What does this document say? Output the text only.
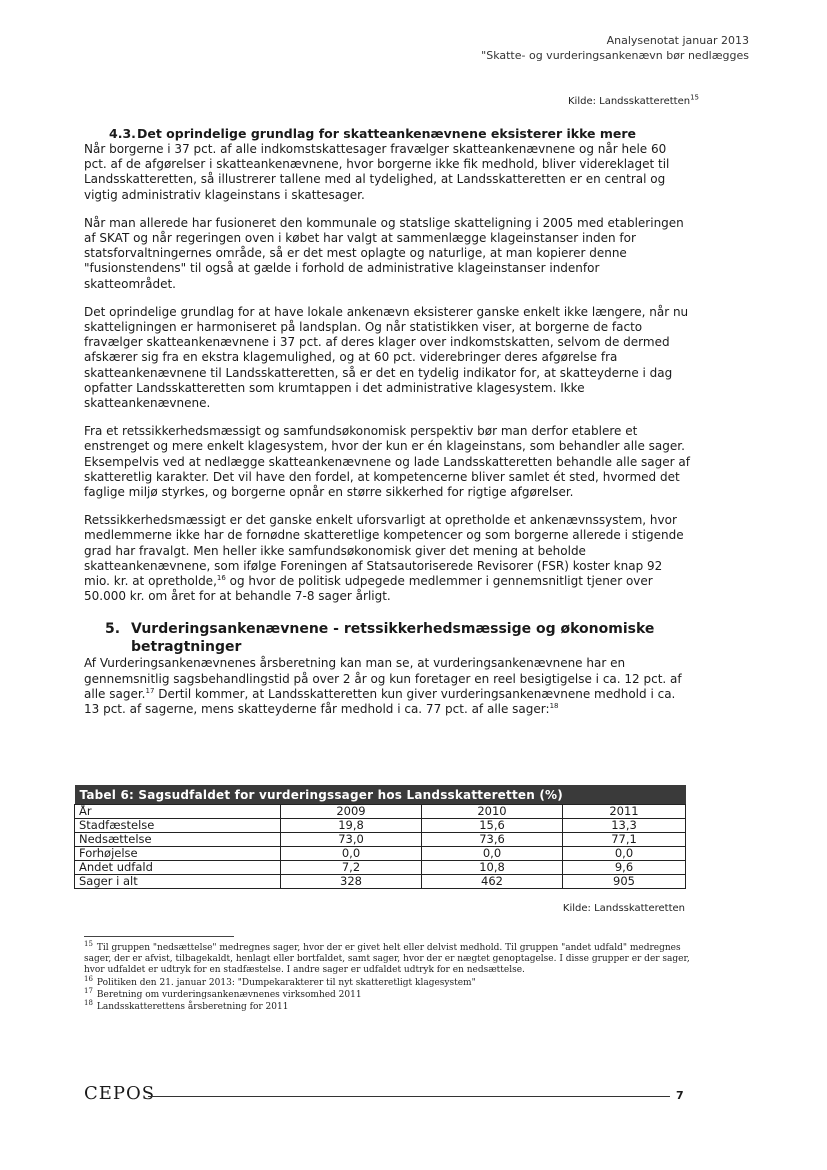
Analysenotat januar 2013
"Skatte- og vurderingsankenævn bør nedlægges
Kilde: Landsskatteretten$^{15}$
4.3.Det oprindelige grundlag for skatteankenævnene eksisterer ikke mere

Når borgerne i 37 pct. af alle indkomstskattesager fravælger skatteankenævnene og når hele 60 pct. af de afgørelser i skatteankenævnene, hvor borgerne ikke fik medhold, bliver videreklaget til Landsskatteretten, så illustrerer tallene med al tydelighed, at Landsskatteretten er en central og vigtig administrativ klageinstans i skattesager.

Når man allerede har fusioneret den kommunale og statslige skatteligning i 2005 med etableringen af SKAT og når regeringen oven i købet har valgt at sammenlægge klageinstanser inden for statsforvaltningernes område, så er det mest oplagte og naturlige, at man kopierer denne "fusionstendens" til også at gælde i forhold de administrative klageinstanser indenfor skatteområdet.

Det oprindelige grundlag for at have lokale ankenævn eksisterer ganske enkelt ikke længere, når nu skatteligningen er harmoniseret på landsplan. Og når statistikken viser, at borgerne de facto fravælger skatteankenævnene i 37 pct. af deres klager over indkomstskatten, selvom de dermed afskærer sig fra en ekstra klagemulighed, og at 60 pct. viderebringer deres afgørelse fra skatteankenævnene til Landsskatteretten, så er det en tydelig indikator for, at skatteyderne i dag opfatter Landsskatteretten som krumtappen i det administrative klagesystem. Ikke skatteankenævnene.

Fra et retssikkerhedsmæssigt og samfundsøkonomisk perspektiv bør man derfor etablere et enstrenget og mere enkelt klagesystem, hvor der kun er én klageinstans, som behandler alle sager. Eksempelvis ved at nedlægge skatteankenævnene og lade Landsskatteretten behandle alle sager af skatteretlig karakter. Det vil have den fordel, at kompetencerne bliver samlet ét sted, hvormed det faglige miljø styrkes, og borgerne opnår en større sikkerhed for rigtige afgørelser.

Retssikkerhedsmæssigt er det ganske enkelt uforsvarligt at opretholde et ankenævnssystem, hvor medlemmerne ikke har de fornødne skatteretlige kompetencer og som borgerne allerede i stigende grad har fravalgt. Men heller ikke samfundsøkonomisk giver det mening at beholde skatteankenævnene, som ifølge Foreningen af Statsautoriserede Revisorer (FSR) koster knap 92 mio. kr. at opretholde,$^{16}$ og hvor de politisk udpegede medlemmer i gennemsnitligt tjener over 50.000 kr. om året for at behandle 7-8 sager årligt.

5. Vurderingsankenævnene - retssikkerhedsmæssige og økonomiske
betragtninger

Af Vurderingsankenævnenes årsberetning kan man se, at vurderingsankenævnene har en gennemsnitlig sagsbehandlingstid på over 2 år og kun foretager en reel besigtigelse i ca. 12 pct. af alle sager.$^{17}$ Dertil kommer, at Landsskatteretten kun giver vurderingsankenævnene medhold i ca. 13 pct. af sagerne, mens skatteyderne får medhold i ca. 77 pct. af alle sager:$^{18}$

Tabel 6: Sagsudfaldet for vurderingssager hos Landsskatteretten (%)			
År	2009	2010	2011
Stadfæstelse	19,8	15,6	13,3
Nedsættelse	73,0	73,6	77,1
Forhøjelse	0,0	0,0	0,0
Andet udfald	7,2	10,8	9,6
Sager i alt	328	462	905
Kilde: Landsskatteretten

$^{15}$ Til gruppen "nedsættelse" medregnes sager, hvor der er givet helt eller delvist medhold. Til gruppen "andet udfald" medregnes sager, der er afvist, tilbagekaldt, henlagt eller bortfaldet, samt sager, hvor der er nægtet genoptagelse. I disse grupper er der sager, hvor udfaldet er udtryk for en stadfæstelse. I andre sager er udfaldet udtryk for en nedsættelse.

$^{16}$ Politiken den 21. januar 2013: "Dumpekarakterer til nyt skatteretligt klagesystem"

$^{17}$ Beretning om vurderingsankenævnenes virksomhed 2011

$^{18}$ Landsskatterettens årsberetning for 2011

CEPOS	7
